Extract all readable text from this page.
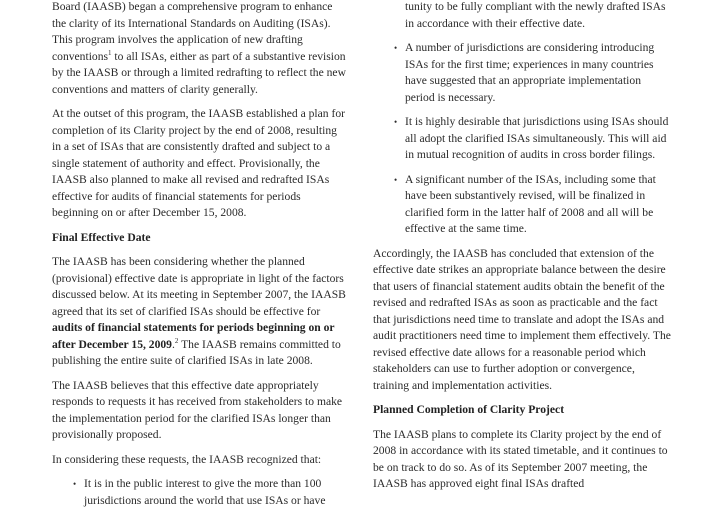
Board (IAASB) began a comprehensive program to enhance the clarity of its International Standards on Auditing (ISAs). This program involves the application of new drafting conventions$^1$ to all ISAs, either as part of a substantive revision by the IAASB or through a limited redrafting to reflect the new conventions and matters of clarity generally.

At the outset of this program, the IAASB established a plan for completion of its Clarity project by the end of 2008, resulting in a set of ISAs that are consistently drafted and subject to a single statement of authority and effect. Provisionally, the IAASB also planned to make all revised and redrafted ISAs effective for audits of financial statements for periods beginning on or after December 15, 2008.

Final Effective Date

The IAASB has been considering whether the planned (provisional) effective date is appropriate in light of the factors discussed below. At its meeting in September 2007, the IAASB agreed that its set of clarified ISAs should be effective for audits of financial statements for periods beginning on or after December 15, 2009.$^2$ The IAASB remains committed to publishing the entire suite of clarified ISAs in late 2008.

The IAASB believes that this effective date appropriately responds to requests it has received from stakeholders to make the implementation period for the clarified ISAs longer than provisionally proposed.

In considering these requests, the IAASB recognized that:

• It is in the public interest to give the more than 100 jurisdictions around the world that use ISAs or have
tunity to be fully compliant with the newly drafted ISAs in accordance with their effective date.
• A number of jurisdictions are considering introducing ISAs for the first time; experiences in many countries have suggested that an appropriate implementation period is necessary.
• It is highly desirable that jurisdictions using ISAs should all adopt the clarified ISAs simultaneously. This will aid in mutual recognition of audits in cross border filings.
• A significant number of the ISAs, including some that have been substantively revised, will be finalized in clarified form in the latter half of 2008 and all will be effective at the same time.

Accordingly, the IAASB has concluded that extension of the effective date strikes an appropriate balance between the desire that users of financial statement audits obtain the benefit of the revised and redrafted ISAs as soon as practicable and the fact that jurisdictions need time to translate and adopt the ISAs and audit practitioners need time to implement them effectively. The revised effective date allows for a reasonable period which stakeholders can use to further adoption or convergence, training and implementation activities.

Planned Completion of Clarity Project

The IAASB plans to complete its Clarity project by the end of 2008 in accordance with its stated timetable, and it continues to be on track to do so. As of its September 2007 meeting, the IAASB has approved eight final ISAs drafted
